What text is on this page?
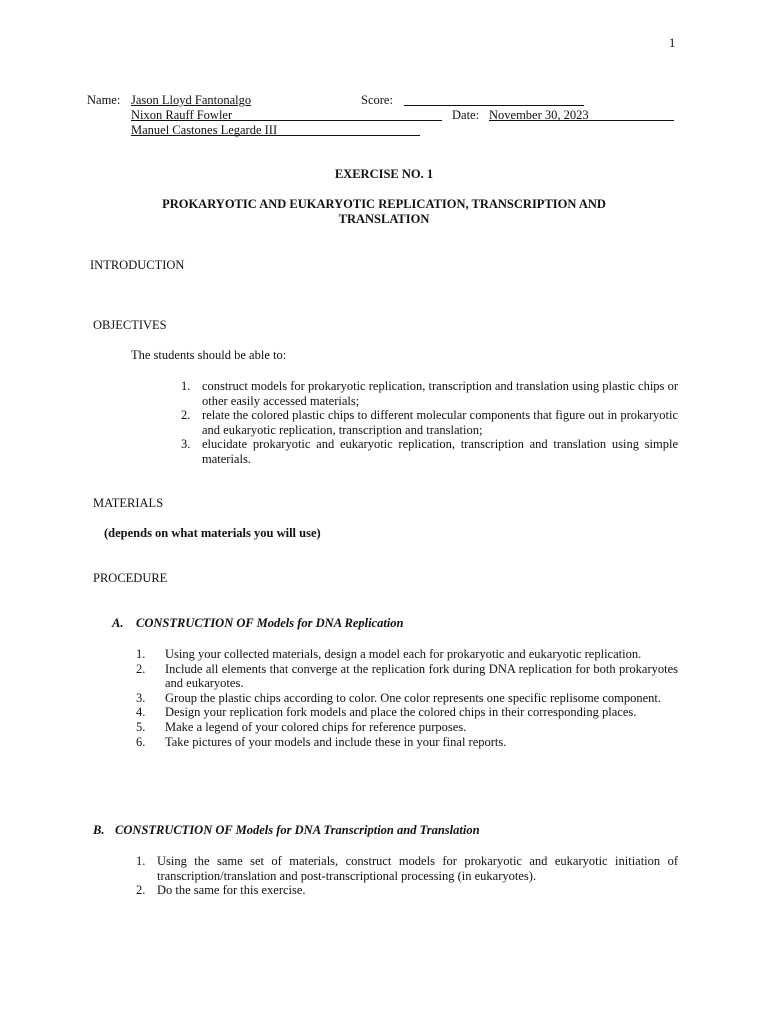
1
Name: Jason Lloyd Fantonalgo	Score:
Nixon Rauff Fowler	Date: November 30, 2023
Manuel Castones Legarde III
EXERCISE NO. 1
PROKARYOTIC AND EUKARYOTIC REPLICATION, TRANSCRIPTION AND
TRANSLATION
INTRODUCTION
OBJECTIVES
The students should be able to:
1. construct models for prokaryotic replication, transcription and translation using plastic chips or other easily accessed materials;
2. relate the colored plastic chips to different molecular components that figure out in prokaryotic and eukaryotic replication, transcription and translation;
3. elucidate prokaryotic and eukaryotic replication, transcription and translation using simple materials.
MATERIALS
(depends on what materials you will use)
PROCEDURE
A. CONSTRUCTION OF Models for DNA Replication
1. Using your collected materials, design a model each for prokaryotic and eukaryotic replication.
2. Include all elements that converge at the replication fork during DNA replication for both prokaryotes and eukaryotes.
3. Group the plastic chips according to color. One color represents one specific replisome component.
4. Design your replication fork models and place the colored chips in their corresponding places.
5. Make a legend of your colored chips for reference purposes.
6. Take pictures of your models and include these in your final reports.
B. CONSTRUCTION OF Models for DNA Transcription and Translation
1. Using the same set of materials, construct models for prokaryotic and eukaryotic initiation of transcription/translation and post-transcriptional processing (in eukaryotes).
2. Do the same for this exercise.
